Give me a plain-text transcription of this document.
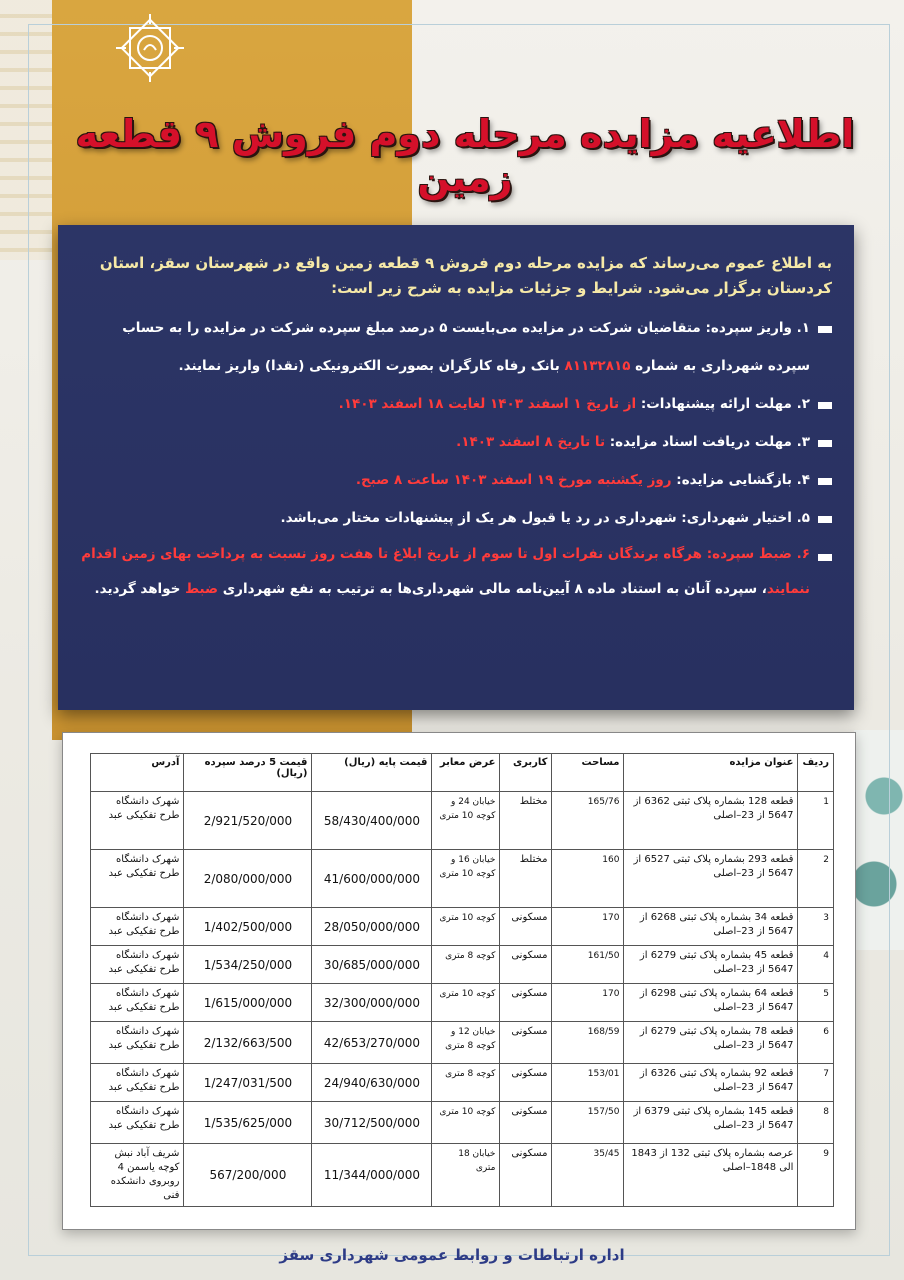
اطلاعیه مزایده مرحله دوم فروش ۹ قطعه زمین

به اطلاع عموم می‌رساند که مزایده مرحله دوم فروش ۹ قطعه زمین واقع در شهرستان سقز، استان کردستان برگزار می‌شود. شرایط و جزئیات مزایده به شرح زیر است:

۱. واریز سپرده: متقاضیان شرکت در مزایده می‌بایست ۵ درصد مبلغ سپرده شرکت در مزایده را به حساب سپرده شهرداری به شماره ۸۱۱۳۲۸۱۵ بانک رفاه کارگران بصورت الکترونیکی (نقدا) واریز نمایند.
۲. مهلت ارائه پیشنهادات: از تاریخ ۱ اسفند ۱۴۰۳ لغایت ۱۸ اسفند ۱۴۰۳.
۳. مهلت دریافت اسناد مزایده: تا تاریخ ۸ اسفند ۱۴۰۳.
۴. بازگشایی مزایده: روز یکشنبه مورخ ۱۹ اسفند ۱۴۰۳ ساعت ۸ صبح.
۵. اختیار شهرداری: شهرداری در رد یا قبول هر یک از پیشنهادات مختار می‌باشد.
۶. ضبط سپرده: هرگاه برندگان نفرات اول تا سوم از تاریخ ابلاغ تا هفت روز نسبت به پرداخت بهای زمین اقدام ننمایند، سپرده آنان به استناد ماده ۸ آیین‌نامه مالی شهرداری‌ها به ترتیب به نفع شهرداری ضبط خواهد گردید.
ردیف	عنوان مزایده	مساحت	کاربری	عرض معابر	قیمت پایه (ریال)	قیمت 5 درصد سپرده (ریال)	آدرس
1	قطعه 128 بشماره پلاک ثبتی 6362 از 5647 از 23–اصلی	165/76	مختلط	خیابان 24 و کوچه 10 متری	58/430/400/000	2/921/520/000	شهرک دانشگاه طرح تفکیکی عبد
2	قطعه 293 بشماره پلاک ثبتی 6527 از 5647 از 23–اصلی	160	مختلط	خیابان 16 و کوچه 10 متری	41/600/000/000	2/080/000/000	شهرک دانشگاه طرح تفکیکی عبد
3	قطعه 34 بشماره پلاک ثبتی 6268 از 5647 از 23–اصلی	170	مسکونی	کوچه 10 متری	28/050/000/000	1/402/500/000	شهرک دانشگاه طرح تفکیکی عبد
4	قطعه 45 بشماره پلاک ثبتی 6279 از 5647 از 23–اصلی	161/50	مسکونی	کوچه 8 متری	30/685/000/000	1/534/250/000	شهرک دانشگاه طرح تفکیکی عبد
5	قطعه 64 بشماره پلاک ثبتی 6298 از 5647 از 23–اصلی	170	مسکونی	کوچه 10 متری	32/300/000/000	1/615/000/000	شهرک دانشگاه طرح تفکیکی عبد
6	قطعه 78 بشماره پلاک ثبتی 6279 از 5647 از 23–اصلی	168/59	مسکونی	خیابان 12 و کوچه 8 متری	42/653/270/000	2/132/663/500	شهرک دانشگاه طرح تفکیکی عبد
7	قطعه 92 بشماره پلاک ثبتی 6326 از 5647 از 23–اصلی	153/01	مسکونی	کوچه 8 متری	24/940/630/000	1/247/031/500	شهرک دانشگاه طرح تفکیکی عبد
8	قطعه 145 بشماره پلاک ثبتی 6379 از 5647 از 23–اصلی	157/50	مسکونی	کوچه 10 متری	30/712/500/000	1/535/625/000	شهرک دانشگاه طرح تفکیکی عبد
9	عرصه بشماره پلاک ثبتی 132 از 1843 الی 1848–اصلی	35/45	مسکونی	خیابان 18 متری	11/344/000/000	567/200/000	شریف آباد نبش کوچه یاسمن 4 روبروی دانشکده فنی
اداره ارتباطات و روابط عمومی شهرداری سقز
